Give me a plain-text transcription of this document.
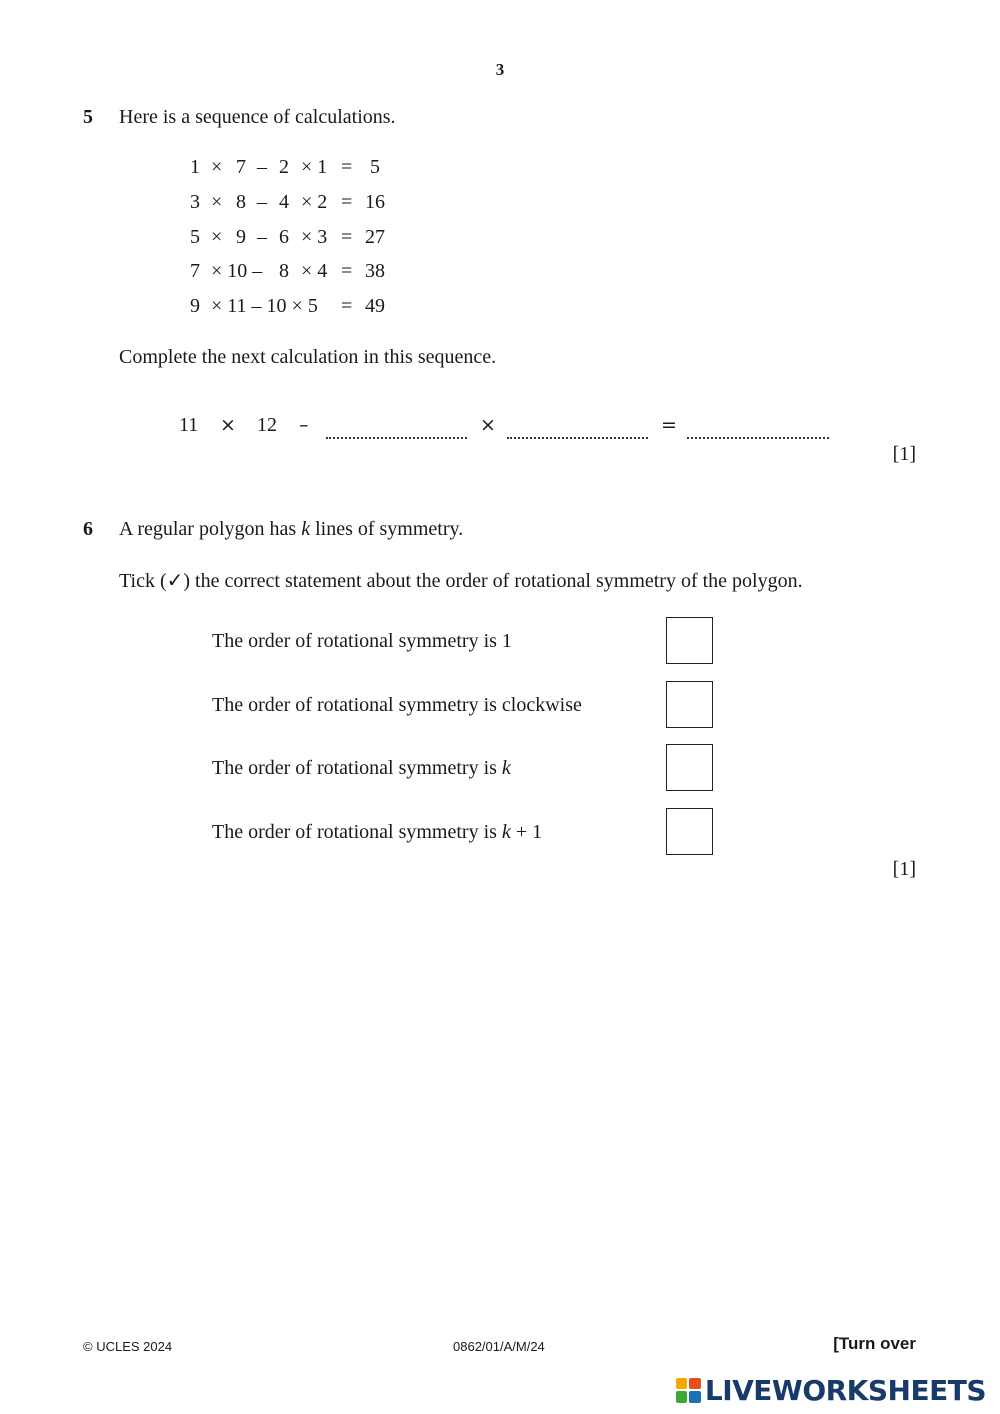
3
5 Here is a sequence of calculations.
1 × 7 – 2 × 1 = 5
3 × 8 – 4 × 2 = 16
5 × 9 – 6 × 3 = 27
7 × 10 – 8 × 4 = 38
9 × 11 – 10 × 5 = 49
Complete the next calculation in this sequence.
11 × 12 –	×	=
[1]
6 A regular polygon has k lines of symmetry.
Tick (✓) the correct statement about the order of rotational symmetry of the polygon.
The order of rotational symmetry is 1
The order of rotational symmetry is clockwise
The order of rotational symmetry is k
The order of rotational symmetry is k + 1
[1]
© UCLES 2024	0862/01/A/M/24	[Turn over
LIVEWORKSHEETS
